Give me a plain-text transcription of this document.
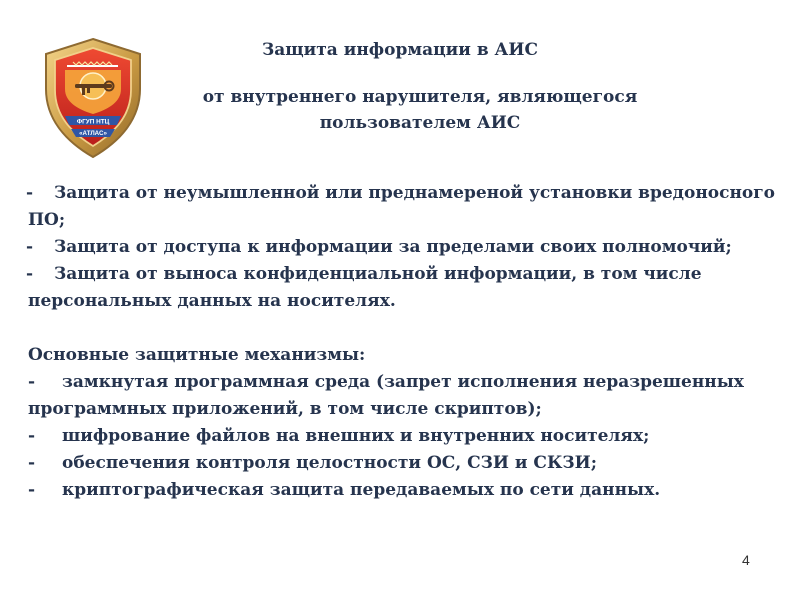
ФГУП НТЦ
«АТЛАС»
Защита информации в АИС
от внутреннего нарушителя, являющегося
пользователем АИС
- Защита от неумышленной или преднамереной установки вредоносного
ПО;
- Защита от доступа к информации за пределами своих полномочий;
- Защита от выноса конфиденциальной информации, в том числе
персональных данных на носителях.
Основные защитные механизмы:
- замкнутая программная среда (запрет исполнения неразрешенных
программных приложений, в том числе скриптов);
- шифрование файлов на внешних и внутренних носителях;
- обеспечения контроля целостности ОС, СЗИ и СКЗИ;
- криптографическая защита передаваемых по сети данных.
4
